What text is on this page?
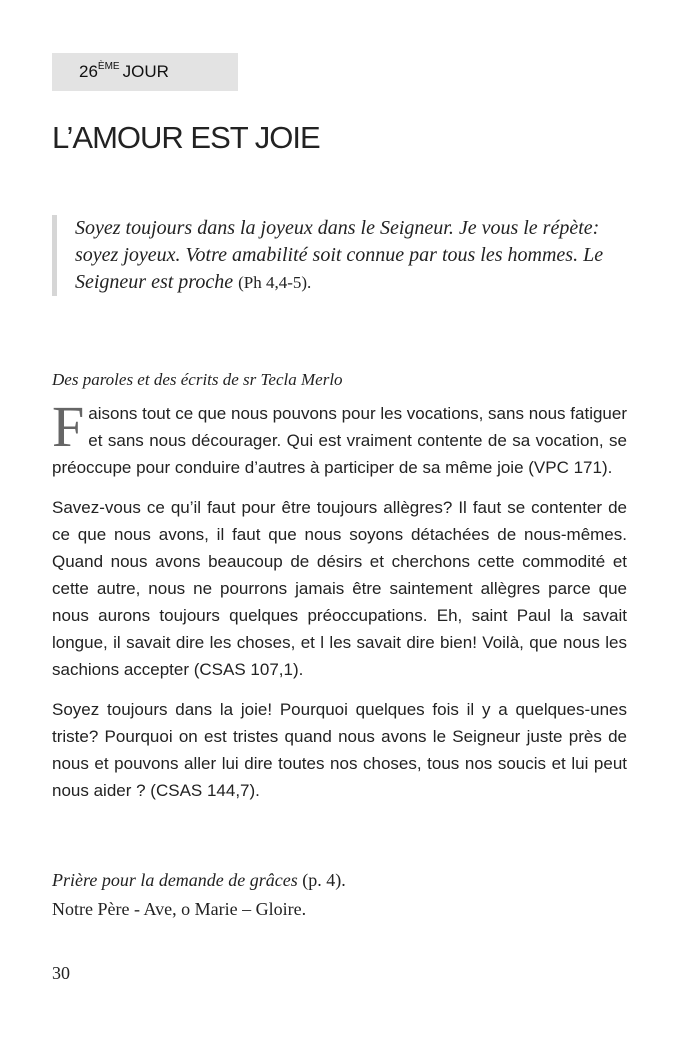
26ÈME JOUR
L’AMOUR EST JOIE
Soyez toujours dans la joyeux dans le Seigneur. Je vous le répète: soyez joyeux. Votre amabilité soit connue par tous les hommes. Le Seigneur est proche (Ph 4,4-5).
Des paroles et des écrits de sr Tecla Merlo

Faisons tout ce que nous pouvons pour les vocations, sans nous fatiguer et sans nous décourager. Qui est vraiment contente de sa vocation, se préoccupe pour conduire d’autres à participer de sa même joie (VPC 171).

Savez-vous ce qu’il faut pour être toujours allègres? Il faut se contenter de ce que nous avons, il faut que nous soyons détachées de nous-mêmes. Quand nous avons beaucoup de désirs et cherchons cette commodité et cette autre, nous ne pourrons jamais être saintement allègres parce que nous aurons toujours quelques préoccupations. Eh, saint Paul la savait longue, il savait dire les choses, et l les savait dire bien! Voilà, que nous les sachions accepter (CSAS 107,1).

Soyez toujours dans la joie! Pourquoi quelques fois il y a quelques-unes triste? Pourquoi on est tristes quand nous avons le Seigneur juste près de nous et pouvons aller lui dire toutes nos choses, tous nos soucis et lui peut nous aider ? (CSAS 144,7).

Prière pour la demande de grâces (p. 4).
Notre Père - Ave, o Marie – Gloire.
30
